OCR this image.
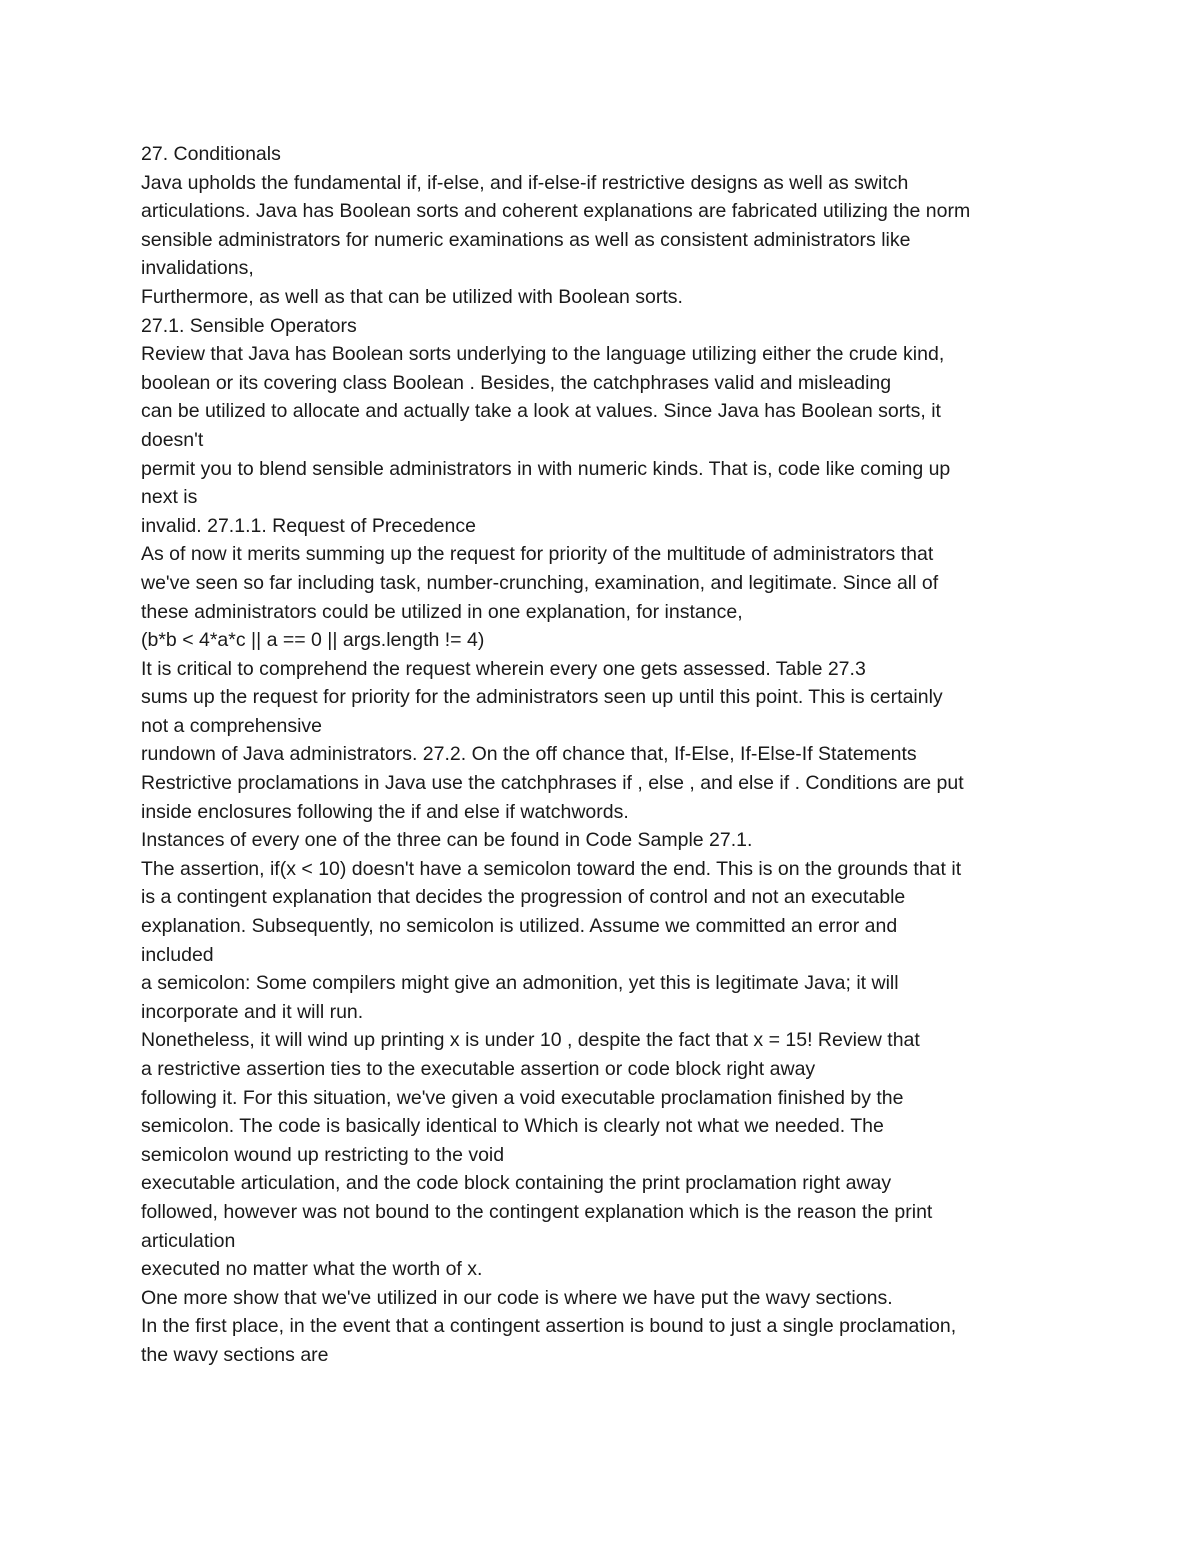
27. Conditionals
Java upholds the fundamental if, if-else, and if-else-if restrictive designs as well as switch
articulations. Java has Boolean sorts and coherent explanations are fabricated utilizing the norm
sensible administrators for numeric examinations as well as consistent administrators like
invalidations,
Furthermore, as well as that can be utilized with Boolean sorts.
27.1. Sensible Operators
Review that Java has Boolean sorts underlying to the language utilizing either the crude kind,
boolean or its covering class Boolean . Besides, the catchphrases valid and misleading
can be utilized to allocate and actually take a look at values. Since Java has Boolean sorts, it
doesn't
permit you to blend sensible administrators in with numeric kinds. That is, code like coming up
next is
invalid. 27.1.1. Request of Precedence
As of now it merits summing up the request for priority of the multitude of administrators that
we've seen so far including task, number-crunching, examination, and legitimate. Since all of
these administrators could be utilized in one explanation, for instance,
(b*b < 4*a*c || a == 0 || args.length != 4)
It is critical to comprehend the request wherein every one gets assessed. Table 27.3
sums up the request for priority for the administrators seen up until this point. This is certainly
not a comprehensive
rundown of Java administrators. 27.2. On the off chance that, If-Else, If-Else-If Statements
Restrictive proclamations in Java use the catchphrases if , else , and else if . Conditions are put
inside enclosures following the if and else if watchwords.
Instances of every one of the three can be found in Code Sample 27.1.
The assertion, if(x < 10) doesn't have a semicolon toward the end. This is on the grounds that it
is a contingent explanation that decides the progression of control and not an executable
explanation. Subsequently, no semicolon is utilized. Assume we committed an error and
included
a semicolon: Some compilers might give an admonition, yet this is legitimate Java; it will
incorporate and it will run.
Nonetheless, it will wind up printing x is under 10 , despite the fact that x = 15! Review that
a restrictive assertion ties to the executable assertion or code block right away
following it. For this situation, we've given a void executable proclamation finished by the
semicolon. The code is basically identical to Which is clearly not what we needed. The
semicolon wound up restricting to the void
executable articulation, and the code block containing the print proclamation right away
followed, however was not bound to the contingent explanation which is the reason the print
articulation
executed no matter what the worth of x.
One more show that we've utilized in our code is where we have put the wavy sections.
In the first place, in the event that a contingent assertion is bound to just a single proclamation,
the wavy sections are
